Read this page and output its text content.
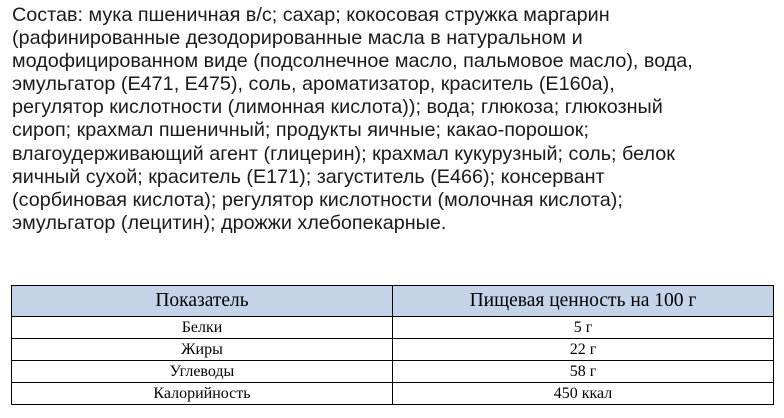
Состав: мука пшеничная в/с; сахар; кокосовая стружка маргарин
(рафинированные дезодорированные масла в натуральном и
модофицированном виде (подсолнечное масло, пальмовое масло), вода,
эмульгатор (Е471, Е475), соль, ароматизатор, краситель (Е160а),
регулятор кислотности (лимонная кислота)); вода; глюкоза; глюкозный
сироп; крахмал пшеничный; продукты яичные; какао-порошок;
влагоудерживающий агент (глицерин); крахмал кукурузный; соль; белок
яичный сухой; краситель (Е171); загуститель (Е466); консервант
(сорбиновая кислота); регулятор кислотности (молочная кислота);
эмульгатор (лецитин); дрожжи хлебопекарные.
Показатель	Пищевая ценность на 100 г
Белки	5 г
Жиры	22 г
Углеводы	58 г
Калорийность	450 ккал
